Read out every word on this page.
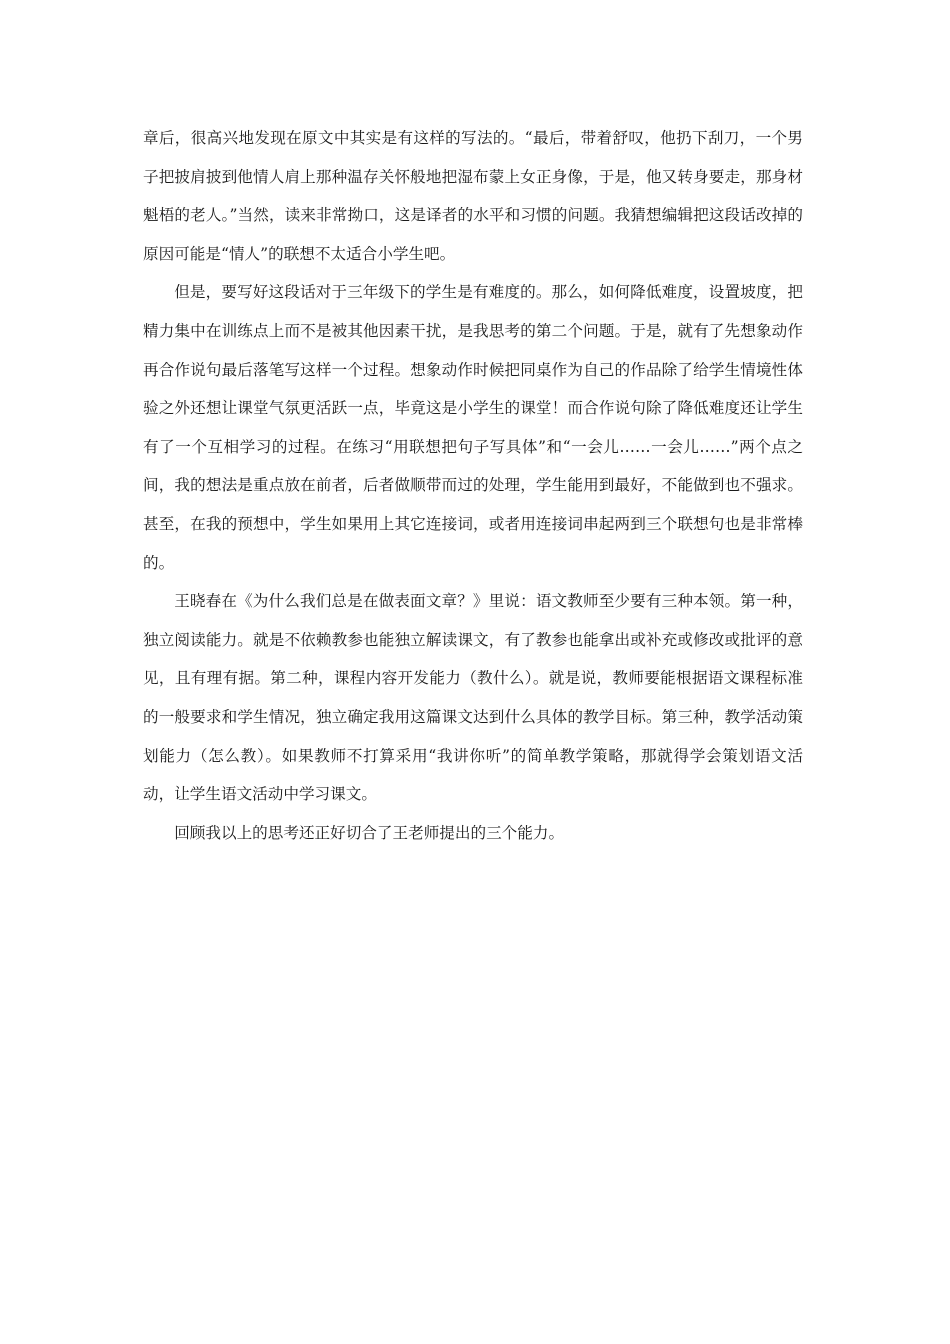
章后，很高兴地发现在原文中其实是有这样的写法的。“最后，带着舒叹，他扔下刮刀，一个男子把披肩披到他情人肩上那种温存关怀般地把湿布蒙上女正身像，于是，他又转身要走，那身材魁梧的老人。”当然，读来非常拗口，这是译者的水平和习惯的问题。我猜想编辑把这段话改掉的原因可能是“情人”的联想不太适合小学生吧。

但是，要写好这段话对于三年级下的学生是有难度的。那么，如何降低难度，设置坡度，把精力集中在训练点上而不是被其他因素干扰，是我思考的第二个问题。于是，就有了先想象动作再合作说句最后落笔写这样一个过程。想象动作时候把同桌作为自己的作品除了给学生情境性体验之外还想让课堂气氛更活跃一点，毕竟这是小学生的课堂！而合作说句除了降低难度还让学生有了一个互相学习的过程。在练习“用联想把句子写具体”和“一会儿……一会儿……”两个点之间，我的想法是重点放在前者，后者做顺带而过的处理，学生能用到最好，不能做到也不强求。甚至，在我的预想中，学生如果用上其它连接词，或者用连接词串起两到三个联想句也是非常棒的。

王晓春在《为什么我们总是在做表面文章？》里说：语文教师至少要有三种本领。第一种，独立阅读能力。就是不依赖教参也能独立解读课文，有了教参也能拿出或补充或修改或批评的意见，且有理有据。第二种，课程内容开发能力（教什么）。就是说，教师要能根据语文课程标准的一般要求和学生情况，独立确定我用这篇课文达到什么具体的教学目标。第三种，教学活动策划能力（怎么教）。如果教师不打算采用“我讲你听”的简单教学策略，那就得学会策划语文活动，让学生语文活动中学习课文。

回顾我以上的思考还正好切合了王老师提出的三个能力。
